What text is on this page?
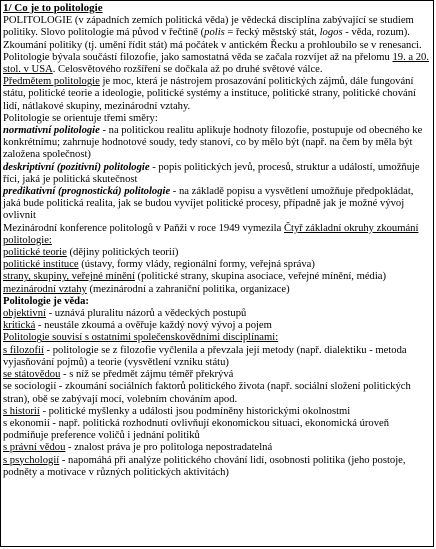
1/ Co je to politologie

POLITOLOGIE (v západních zemích politická věda) je vědecká disciplína zabývající se studiem politiky. Slovo politologie má původ v řečtině (polis = řecký městský stát, logos - věda, rozum).

Zkoumání politiky (tj. umění řídit stát) má počátek v antickém Řecku a prohloubilo se v renesanci. Politologie bývala součástí filozofie, jako samostatná věda se začala rozvíjet až na přelomu 19. a 20. stol. v USA. Celosvětového rozšíření se dočkala až po druhé světové válce.

Předmětem politologie je moc, která je nástrojem prosazování politických zájmů, dále fungování státu, politické teorie a ideologie, politické systémy a instituce, politické strany, politické chování lidí, nátlakové skupiny, mezinárodní vztahy.

Politologie se orientuje třemi směry:

normativní politologie - na politickou realitu aplikuje hodnoty filozofie, postupuje od obecného ke konkrétnímu; zahrnuje hodnotové soudy, tedy stanoví, co by mělo být (např. na čem by měla být založena společnost)

deskriptivní (pozitivní) politologie - popis politických jevů, procesů, struktur a událostí, umožňuje říci, jaká je politická skutečnost

predikativní (prognostická) politologie - na základě popisu a vysvětlení umožňuje předpokládat, jaká bude politická realita, jak se budou vyvíjet politické procesy, případně jak je možné vývoj ovlivnit

Mezinárodní konference politologů v Paňži v roce 1949 vymezila Čtyř základní okruhy zkoumání politologie:

politické teorie (dějiny politických teorií)

politické instituce (ústavy, formy vlády, regionální formy, veřejná správa)

strany, skupiny, veřejné mínění (politické strany, skupina asociace, veřejné mínění, média)

mezinárodní vztahy (mezinárodní a zahraniční politika, organizace)

Politologie je věda:

objektivní - uznává pluralitu názorů a vědeckých postupů

kritická - neustále zkoumá a ověřuje každý nový vývoj a pojem

Politologie souvisí s ostatními společenskovědními disciplínami:

s filozofií - politologie se z filozofie vyčlenila a převzala její metody (např. dialektiku - metoda vyjasňování pojmů) a teorie (vysvětlení vzniku státu)

se státovědou - s níž se předmět zájmu téměř překrývá

se sociologií - zkoumání sociálních faktorů politického života (např. sociální složení politických stran), obě se zabývají mocí, volebním chováním apod.

s historií - politické myšlenky a události jsou podmíněny historickými okolnostmi

s ekonomií - např. politická rozhodnutí ovlivňují ekonomickou situaci, ekonomická úroveň podmiňuje preference voličů i jednání politiků

s právní vědou - znalost práva je pro politologa nepostradatelná

s psychologií - napomáhá při analýze politického chování lidí, osobnosti politika (jeho postoje, podněty a motivace v různých politických aktivitách)
